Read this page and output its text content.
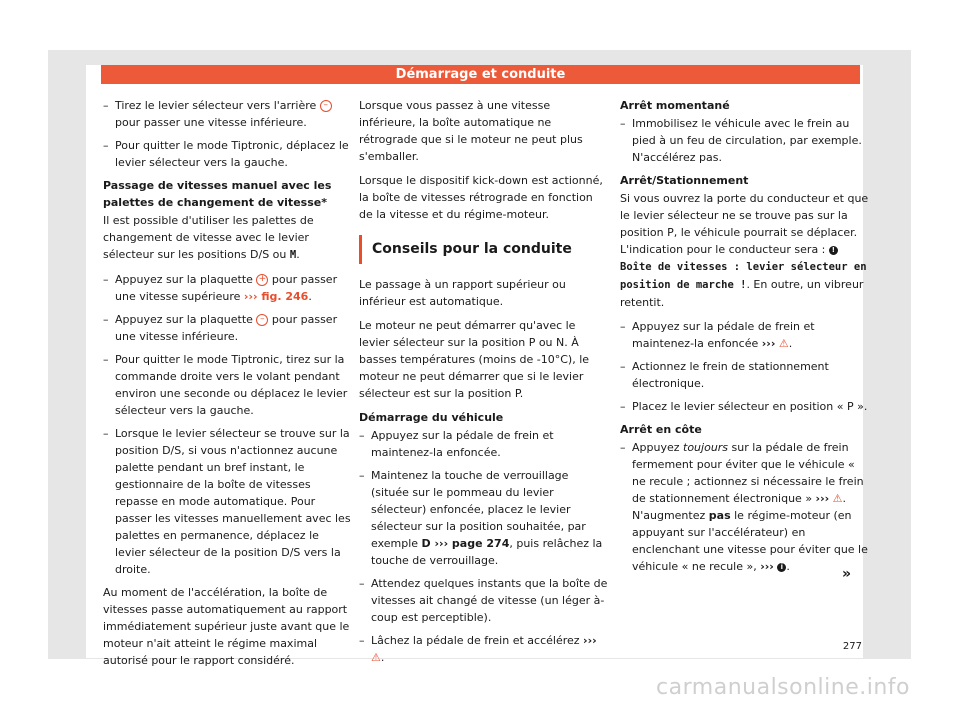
Démarrage et conduite
– Tirez le levier sélecteur vers l'arrière – pour passer une vitesse inférieure.
– Pour quitter le mode Tiptronic, déplacez le levier sélecteur vers la gauche.
Passage de vitesses manuel avec les palettes de changement de vitesse*

Il est possible d'utiliser les palettes de changement de vitesse avec le levier sélecteur sur les positions D/S ou M.

– Appuyez sur la plaquette + pour passer une vitesse supérieure ››› fig. 246.
– Appuyez sur la plaquette – pour passer une vitesse inférieure.
– Pour quitter le mode Tiptronic, tirez sur la commande droite vers le volant pendant environ une seconde ou déplacez le levier sélecteur vers la gauche.
– Lorsque le levier sélecteur se trouve sur la position D/S, si vous n'actionnez aucune palette pendant un bref instant, le gestionnaire de la boîte de vitesses repasse en mode automatique. Pour passer les vitesses manuellement avec les palettes en permanence, déplacez le levier sélecteur de la position D/S vers la droite.

Au moment de l'accélération, la boîte de vitesses passe automatiquement au rapport immédiatement supérieur juste avant que le moteur n'ait atteint le régime maximal autorisé pour le rapport considéré.

Lorsque vous passez à une vitesse inférieure, la boîte automatique ne rétrograde que si le moteur ne peut plus s'emballer.

Lorsque le dispositif kick-down est actionné, la boîte de vitesses rétrograde en fonction de la vitesse et du régime-moteur.

Conseils pour la conduite

Le passage à un rapport supérieur ou inférieur est automatique.

Le moteur ne peut démarrer qu'avec le levier sélecteur sur la position P ou N. À basses températures (moins de -10°C), le moteur ne peut démarrer que si le levier sélecteur est sur la position P.

Démarrage du véhicule
– Appuyez sur la pédale de frein et maintenez-la enfoncée.
– Maintenez la touche de verrouillage (située sur le pommeau du levier sélecteur) enfoncée, placez le levier sélecteur sur la position souhaitée, par exemple D ››› page 274, puis relâchez la touche de verrouillage.
– Attendez quelques instants que la boîte de vitesses ait changé de vitesse (un léger à-coup est perceptible).
– Lâchez la pédale de frein et accélérez ››› ⚠.
Arrêt momentané
– Immobilisez le véhicule avec le frein au pied à un feu de circulation, par exemple. N'accélérez pas.
Arrêt/Stationnement

Si vous ouvrez la porte du conducteur et que le levier sélecteur ne se trouve pas sur la position P, le véhicule pourrait se déplacer. L'indication pour le conducteur sera : ! Boîte de vitesses : levier sélecteur en position de marche !. En outre, un vibreur retentit.

– Appuyez sur la pédale de frein et maintenez-la enfoncée ››› ⚠.
– Actionnez le frein de stationnement électronique.
– Placez le levier sélecteur en position « P ».
Arrêt en côte
– Appuyez toujours sur la pédale de frein fermement pour éviter que le véhicule « ne recule ; actionnez si nécessaire le frein de stationnement électronique » ››› ⚠. N'augmentez pas le régime-moteur (en appuyant sur l'accélérateur) en enclenchant une vitesse pour éviter que le véhicule « ne recule », ››› i .	»
277
carmanualsonline.info
